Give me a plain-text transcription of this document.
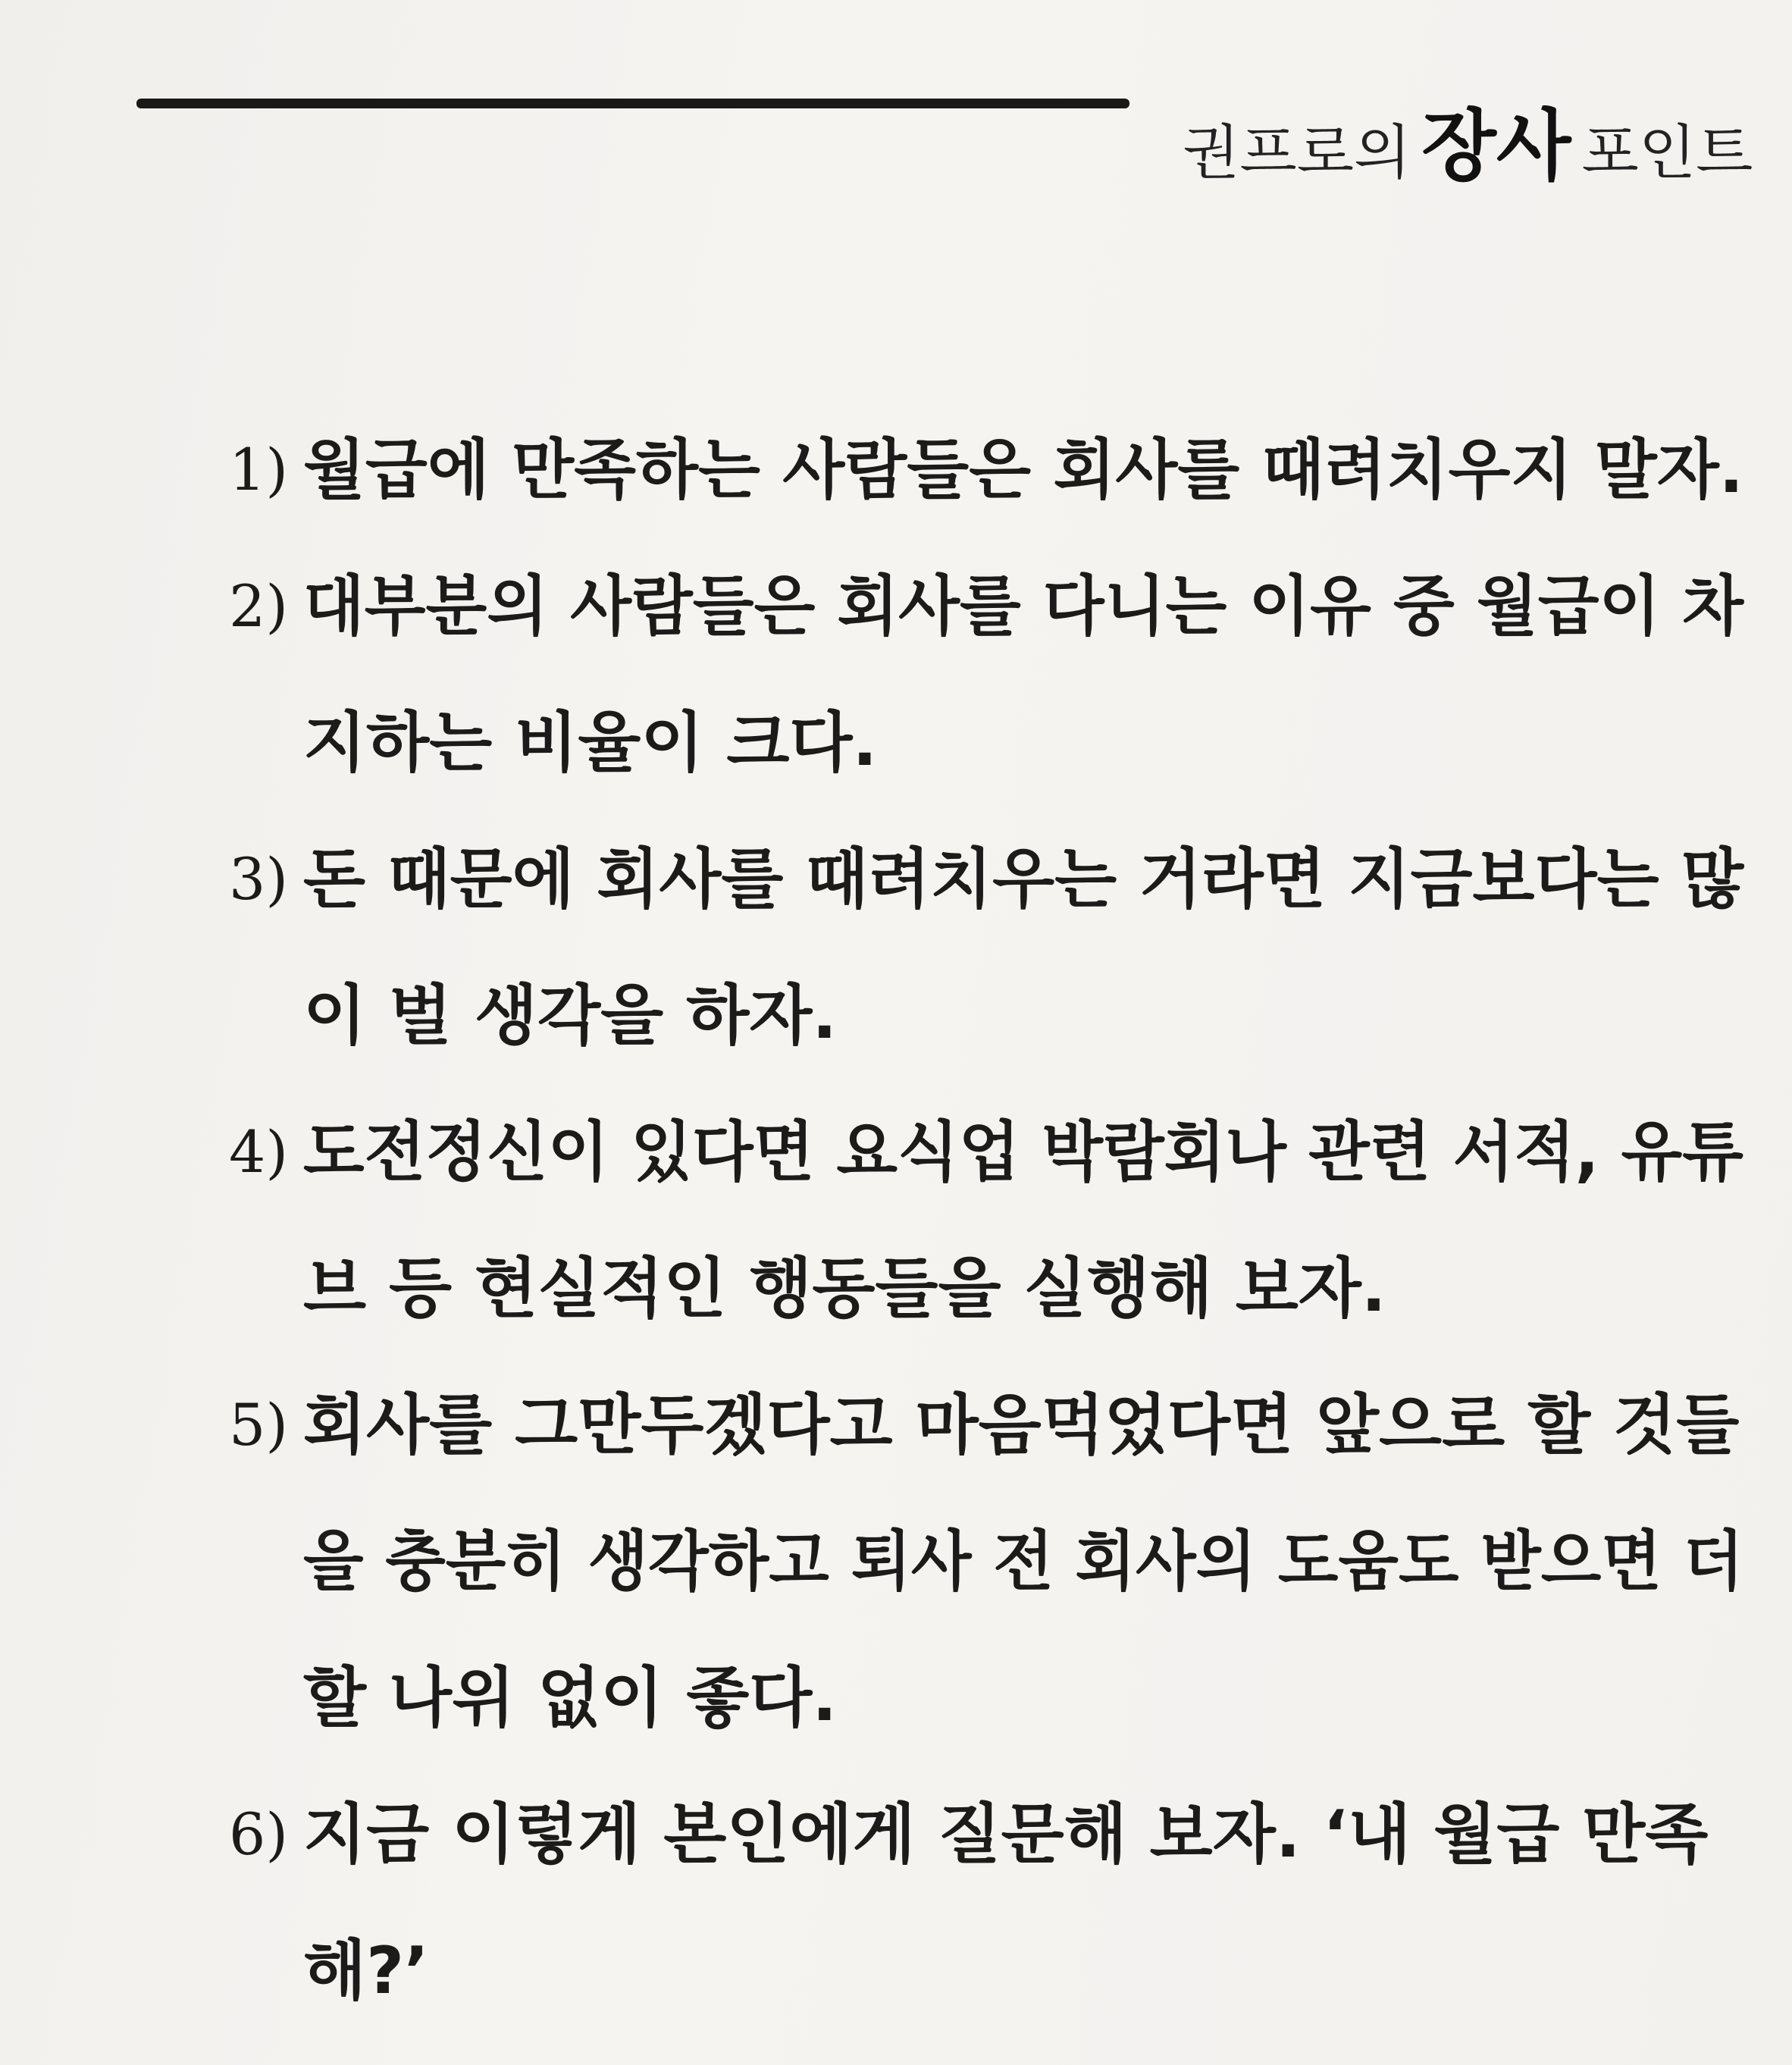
권프로의 장사 포인트
1) 월급에 만족하는 사람들은 회사를 때려치우지 말자.
2) 대부분의 사람들은 회사를 다니는 이유 중 월급이 차
지하는 비율이 크다.
3) 돈 때문에 회사를 때려치우는 거라면 지금보다는 많
이 벌 생각을 하자.
4) 도전정신이 있다면 요식업 박람회나 관련 서적, 유튜
브 등 현실적인 행동들을 실행해 보자.
5) 회사를 그만두겠다고 마음먹었다면 앞으로 할 것들
을 충분히 생각하고 퇴사 전 회사의 도움도 받으면 더
할 나위 없이 좋다.
6) 지금 이렇게 본인에게 질문해 보자. ‘내 월급 만족
해?’
